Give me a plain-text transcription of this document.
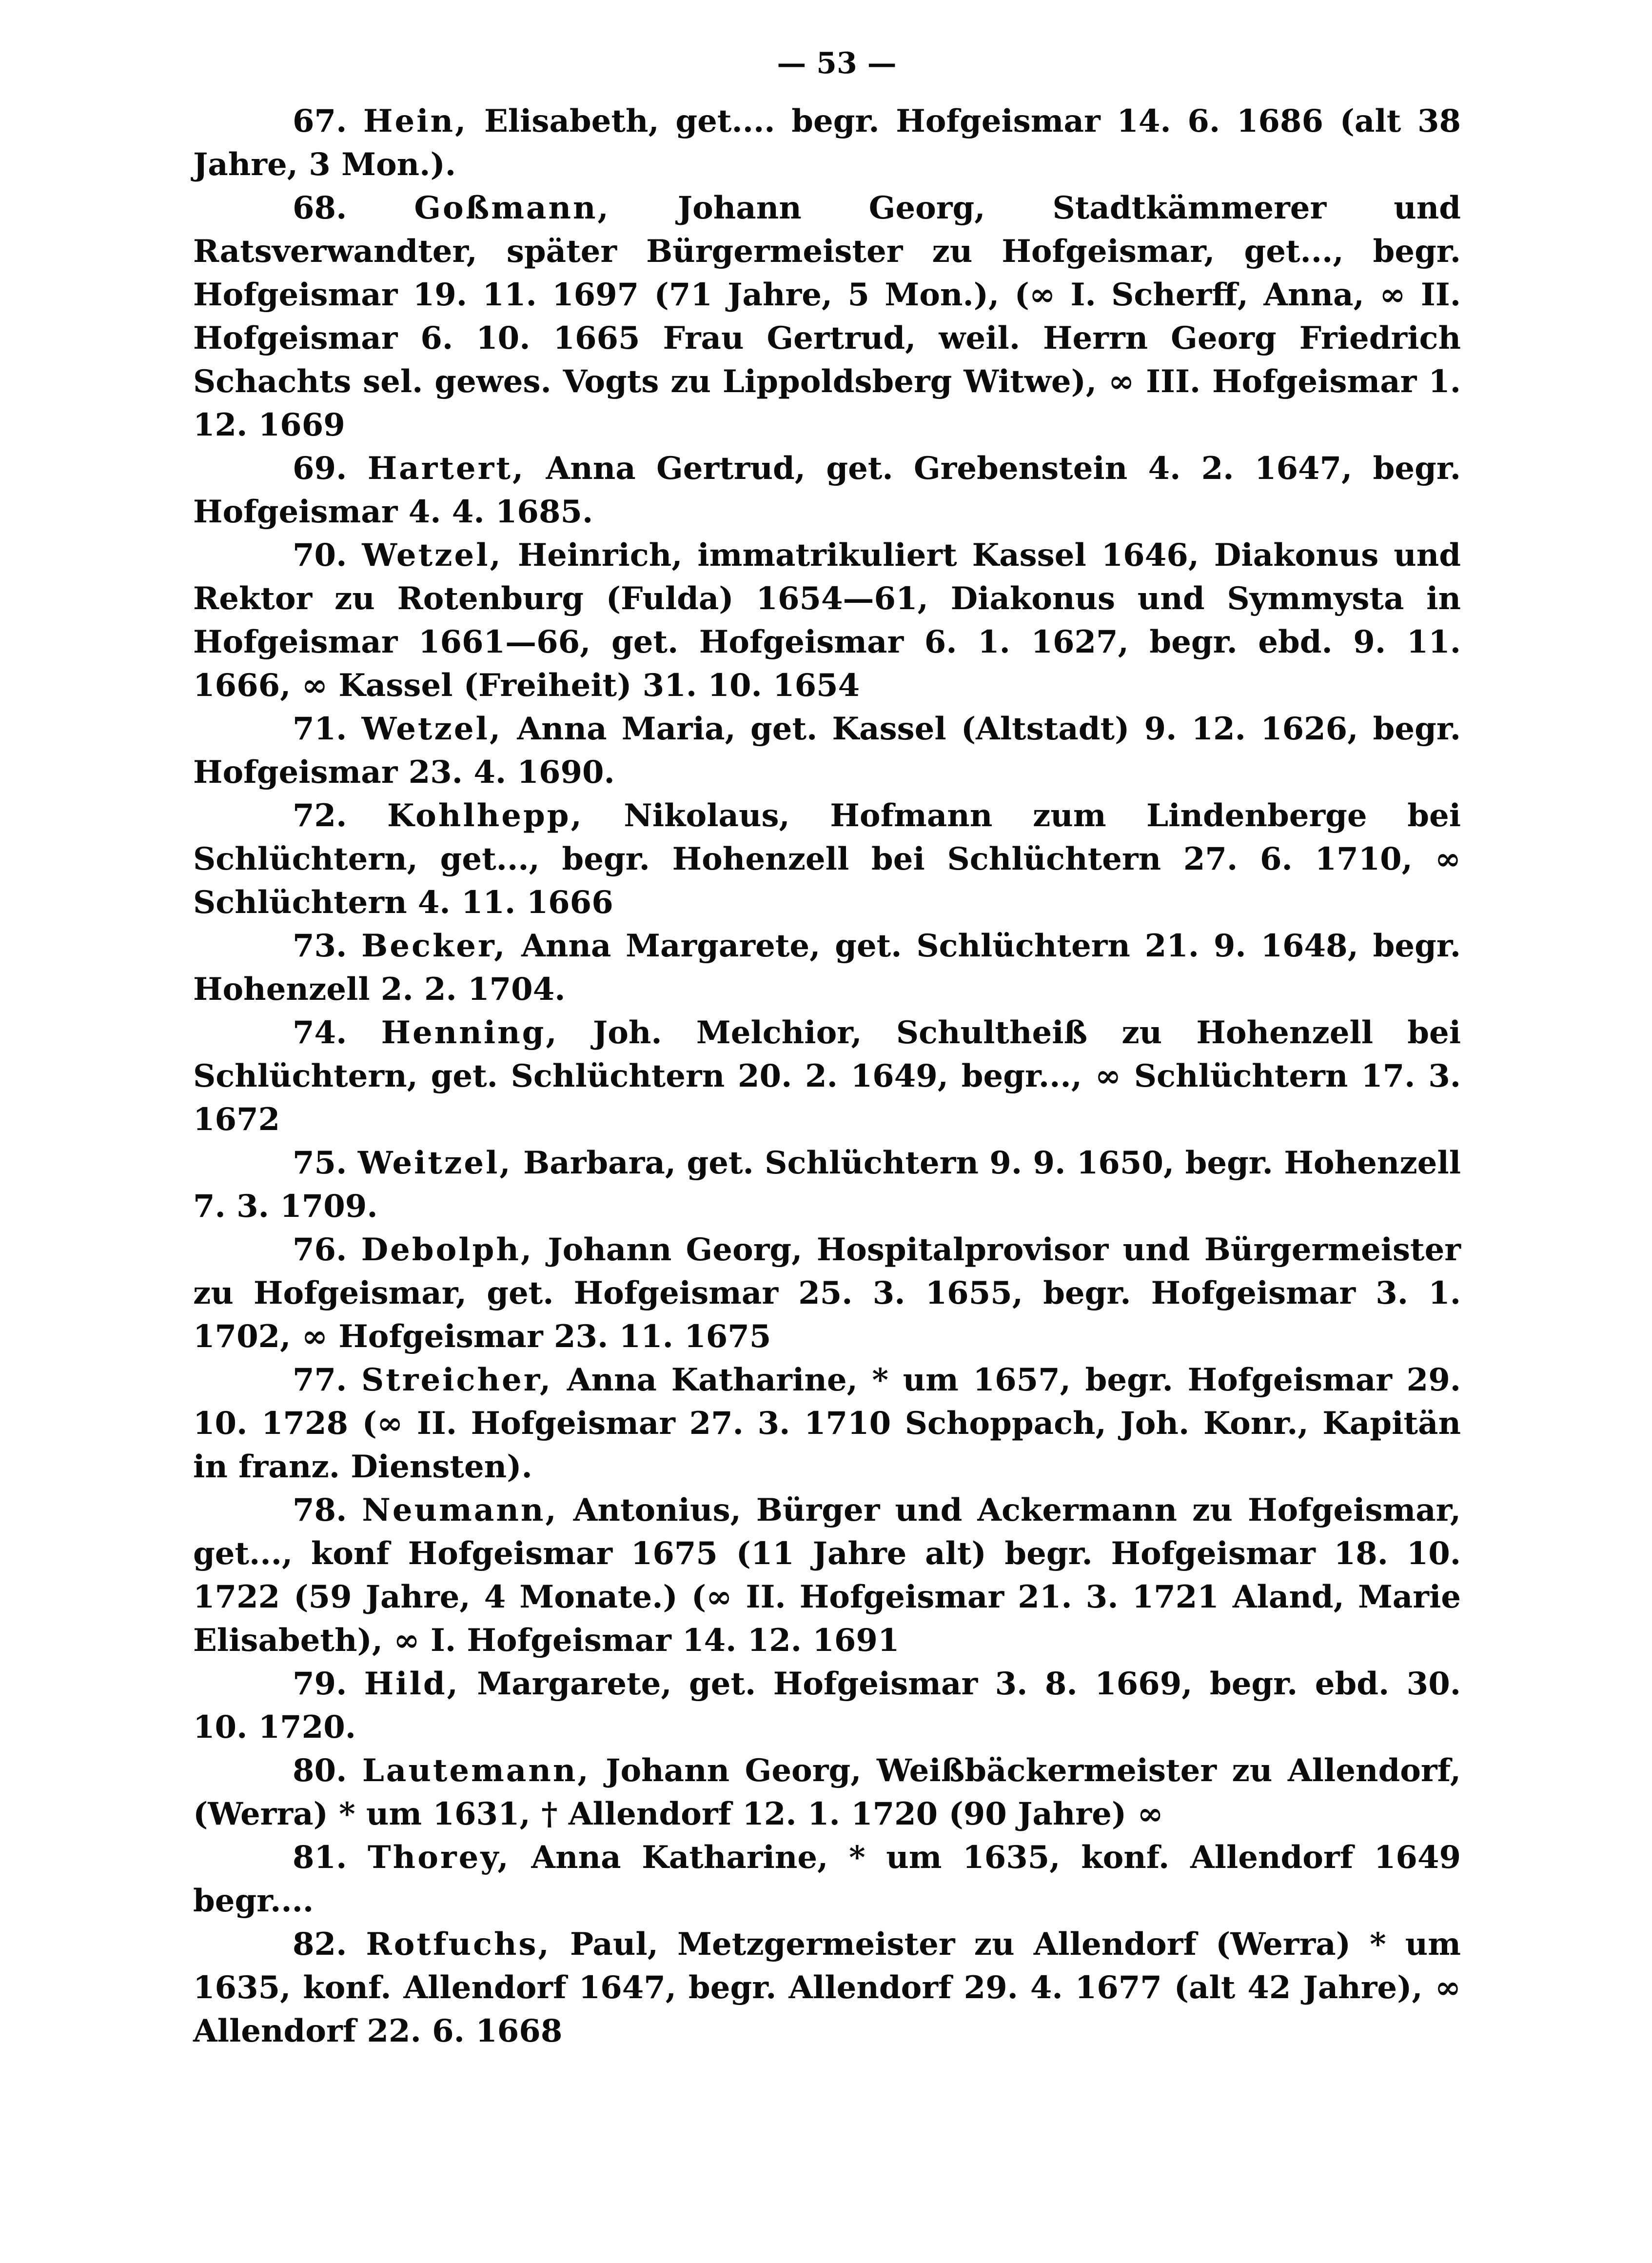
— 53 —
67. Hein, Elisabeth, get.... begr. Hofgeismar 14. 6. 1686 (alt 38 Jahre, 3 Mon.).
68. Goßmann, Johann Georg, Stadtkämmerer und Ratsverwandter, später Bürgermeister zu Hofgeismar, get..., begr. Hofgeismar 19. 11. 1697 (71 Jahre, 5 Mon.), (∞ I. Scherff, Anna, ∞ II. Hofgeismar 6. 10. 1665 Frau Gertrud, weil. Herrn Georg Friedrich Schachts sel. gewes. Vogts zu Lippoldsberg Witwe), ∞ III. Hofgeismar 1. 12. 1669
69. Hartert, Anna Gertrud, get. Grebenstein 4. 2. 1647, begr. Hofgeismar 4. 4. 1685.
70. Wetzel, Heinrich, immatrikuliert Kassel 1646, Diakonus und Rektor zu Rotenburg (Fulda) 1654—61, Diakonus und Symmysta in Hofgeismar 1661—66, get. Hofgeismar 6. 1. 1627, begr. ebd. 9. 11. 1666, ∞ Kassel (Freiheit) 31. 10. 1654
71. Wetzel, Anna Maria, get. Kassel (Altstadt) 9. 12. 1626, begr. Hofgeismar 23. 4. 1690.
72. Kohlhepp, Nikolaus, Hofmann zum Lindenberge bei Schlüchtern, get..., begr. Hohenzell bei Schlüchtern 27. 6. 1710, ∞ Schlüchtern 4. 11. 1666
73. Becker, Anna Margarete, get. Schlüchtern 21. 9. 1648, begr. Hohenzell 2. 2. 1704.
74. Henning, Joh. Melchior, Schultheiß zu Hohenzell bei Schlüchtern, get. Schlüchtern 20. 2. 1649, begr..., ∞ Schlüchtern 17. 3. 1672
75. Weitzel, Barbara, get. Schlüchtern 9. 9. 1650, begr. Hohenzell 7. 3. 1709.
76. Debolph, Johann Georg, Hospitalprovisor und Bürgermeister zu Hofgeismar, get. Hofgeismar 25. 3. 1655, begr. Hofgeismar 3. 1. 1702, ∞ Hofgeismar 23. 11. 1675
77. Streicher, Anna Katharine, * um 1657, begr. Hofgeismar 29. 10. 1728 (∞ II. Hofgeismar 27. 3. 1710 Schoppach, Joh. Konr., Kapitän in franz. Diensten).
78. Neumann, Antonius, Bürger und Ackermann zu Hofgeismar, get..., konf Hofgeismar 1675 (11 Jahre alt) begr. Hofgeismar 18. 10. 1722 (59 Jahre, 4 Monate.) (∞ II. Hofgeismar 21. 3. 1721 Aland, Marie Elisabeth), ∞ I. Hofgeismar 14. 12. 1691
79. Hild, Margarete, get. Hofgeismar 3. 8. 1669, begr. ebd. 30. 10. 1720.
80. Lautemann, Johann Georg, Weißbäckermeister zu Allendorf, (Werra) * um 1631, † Allendorf 12. 1. 1720 (90 Jahre) ∞
81. Thorey, Anna Katharine, * um 1635, konf. Allendorf 1649 begr....
82. Rotfuchs, Paul, Metzgermeister zu Allendorf (Werra) * um 1635, konf. Allendorf 1647, begr. Allendorf 29. 4. 1677 (alt 42 Jahre), ∞ Allendorf 22. 6. 1668
